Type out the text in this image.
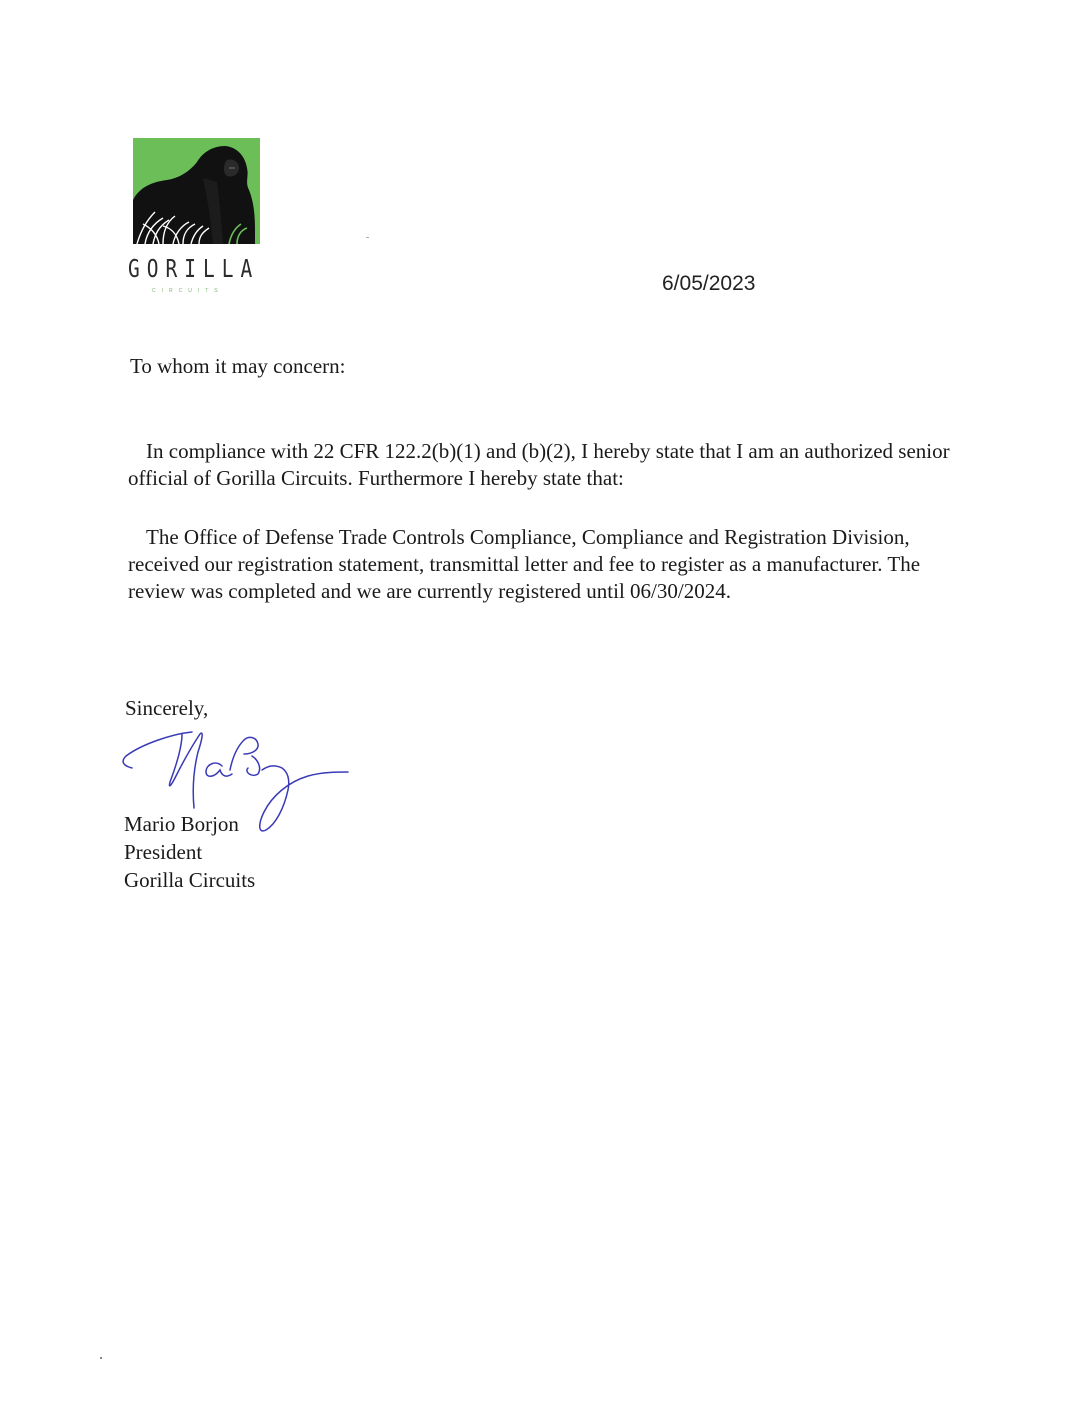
GORILLA
CIRCUITS	6/05/2023
To whom it may concern:

In compliance with 22 CFR 122.2(b)(1) and (b)(2), I hereby state that I am an authorized senior official of Gorilla Circuits. Furthermore I hereby state that:

The Office of Defense Trade Controls Compliance, Compliance and Registration Division, received our registration statement, transmittal letter and fee to register as a manufacturer. The review was completed and we are currently registered until 06/30/2024.

Sincerely,
Mario Borjon
President
Gorilla Circuits
